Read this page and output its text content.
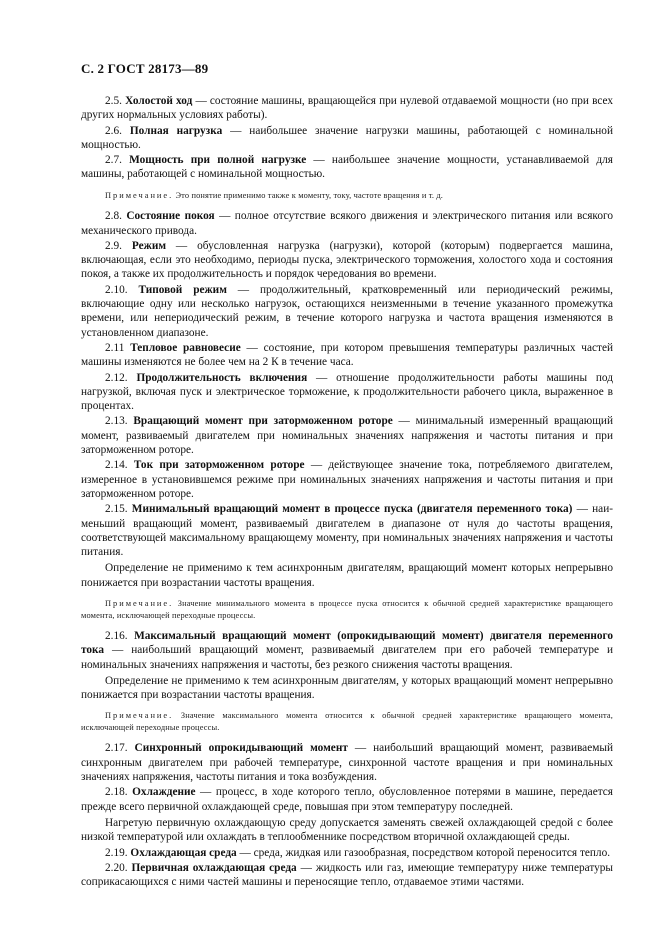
С. 2 ГОСТ 28173—89

2.5. Холостой ход — состояние машины, вращающейся при нулевой отдаваемой мощности (но при всех других нормальных условиях работы).

2.6. Полная нагрузка — наибольшее значение нагрузки машины, работающей с номинальной мощностью.

2.7. Мощность при полной нагрузке — наибольшее значение мощности, устанавливаемой для машины, работающей с номинальной мощностью.

Примечание. Это понятие применимо также к моменту, току, частоте вращения и т. д.

2.8. Состояние покоя — полное отсутствие всякого движения и электрического питания или всякого механического привода.

2.9. Режим — обусловленная нагрузка (нагрузки), которой (которым) подвергается машина, включающая, если это необходимо, периоды пуска, электрического торможения, холостого хода и состояния покоя, а также их продолжительность и порядок чередования во времени.

2.10. Типовой режим — продолжительный, кратковременный или периодический режимы, включающие одну или несколько нагрузок, остающихся неизменными в течение указанного промежутка времени, или непериодический режим, в течение которого нагрузка и частота вращения изменяются в установленном диапазоне.

2.11 Тепловое равновесие — состояние, при котором превышения температуры различных частей машины изменяются не более чем на 2 К в течение часа.

2.12. Продолжительность включения — отношение продолжительности работы машины под нагрузкой, включая пуск и электрическое торможение, к продолжительности рабочего цикла, выраженное в процентах.

2.13. Вращающий момент при заторможенном роторе — минимальный измеренный вращающий момент, развиваемый двигателем при номинальных значениях напряжения и частоты питания и при заторможенном роторе.

2.14. Ток при заторможенном роторе — действующее значение тока, потребляемого двигателем, измеренное в установившемся режиме при номинальных значениях напряжения и частоты питания и при заторможенном роторе.

2.15. Минимальный вращающий момент в процессе пуска (двигателя переменного тока) — наименьший вращающий момент, развиваемый двигателем в диапазоне от нуля до частоты вращения, соответствующей максимальному вращающему моменту, при номинальных значениях напряжения и частоты питания.

Определение не применимо к тем асинхронным двигателям, вращающий момент которых непрерывно понижается при возрастании частоты вращения.

Примечание. Значение минимального момента в процессе пуска относится к обычной средней характеристике вращающего момента, исключающей переходные процессы.

2.16. Максимальный вращающий момент (опрокидывающий момент) двигателя переменного тока — наибольший вращающий момент, развиваемый двигателем при его рабочей температуре и номинальных значениях напряжения и частоты, без резкого снижения частоты вращения.

Определение не применимо к тем асинхронным двигателям, у которых вращающий момент непрерывно понижается при возрастании частоты вращения.

Примечание. Значение максимального момента относится к обычной средней характеристике вращающего момента, исключающей переходные процессы.

2.17. Синхронный опрокидывающий момент — наибольший вращающий момент, развиваемый синхронным двигателем при рабочей температуре, синхронной частоте вращения и при номинальных значениях напряжения, частоты питания и тока возбуждения.

2.18. Охлаждение — процесс, в ходе которого тепло, обусловленное потерями в машине, передается прежде всего первичной охлаждающей среде, повышая при этом температуру последней.

Нагретую первичную охлаждающую среду допускается заменять свежей охлаждающей средой с более низкой температурой или охлаждать в теплообменнике посредством вторичной охлаждающей среды.

2.19. Охлаждающая среда — среда, жидкая или газообразная, посредством которой переносится тепло.

2.20. Первичная охлаждающая среда — жидкость или газ, имеющие температуру ниже температуры соприкасающихся с ними частей машины и переносящие тепло, отдаваемое этими частями.
